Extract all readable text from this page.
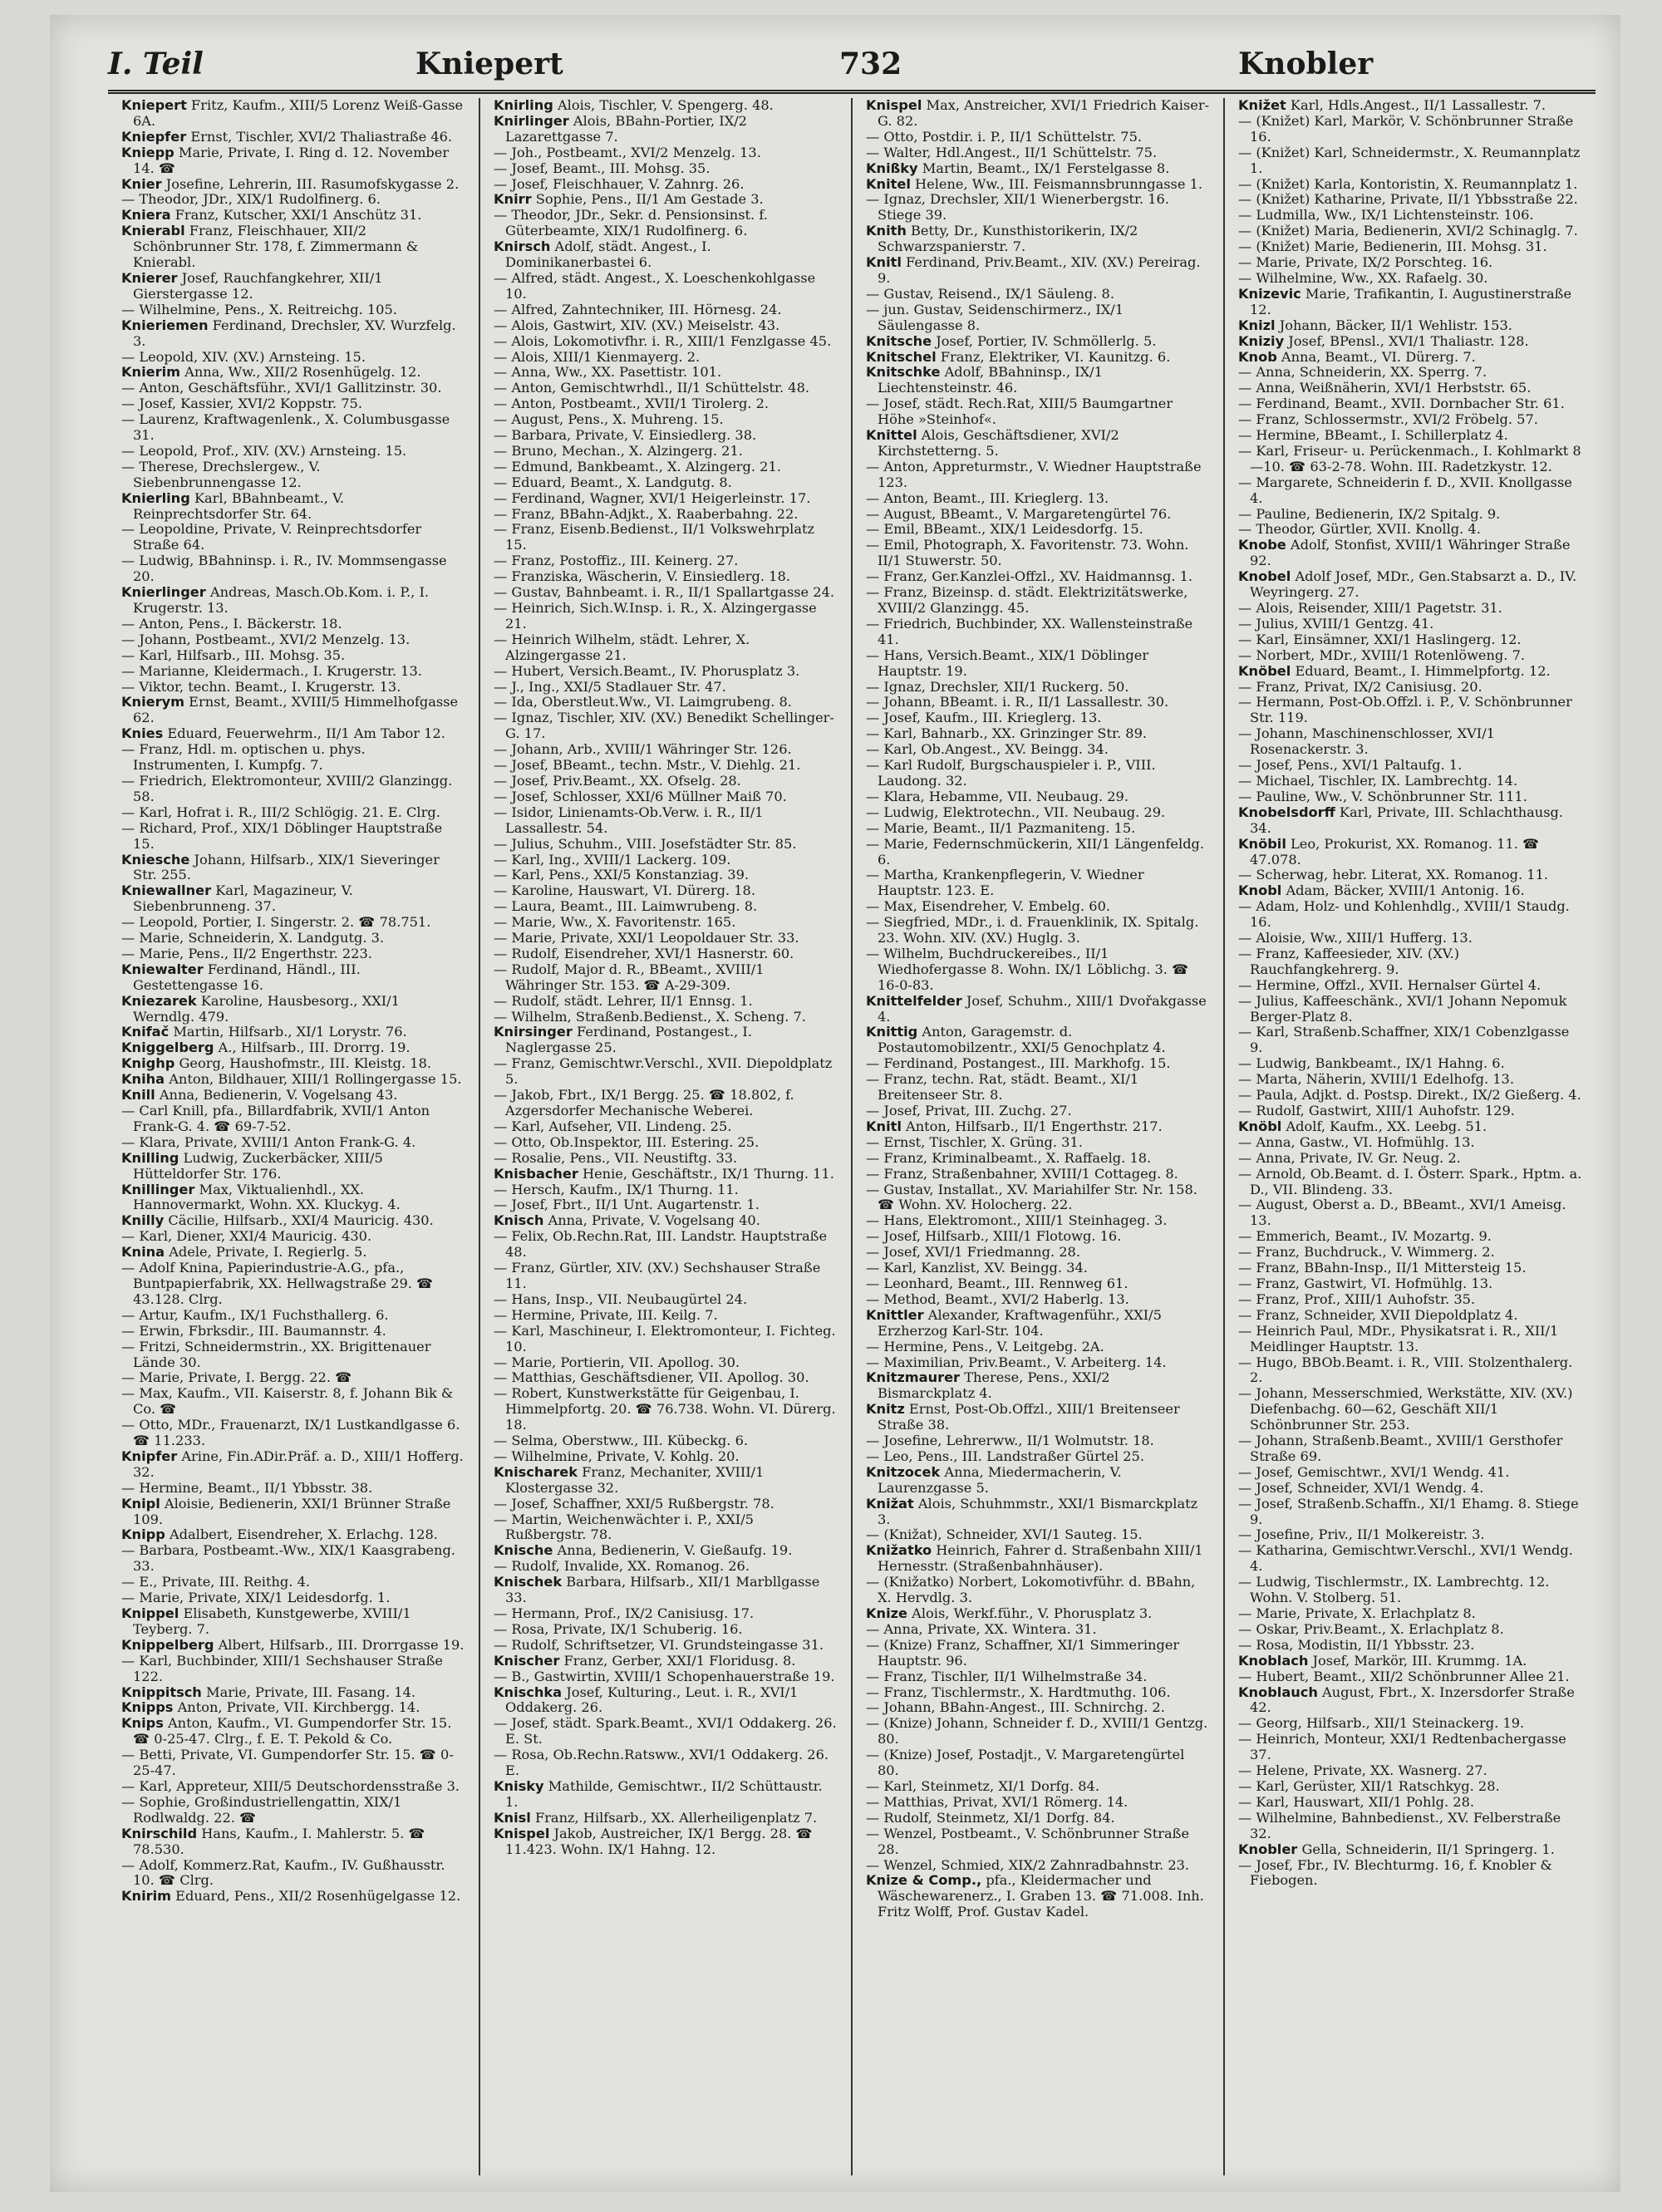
I. Teil	Kniepert	732	Knobler

Kniepert Fritz, Kaufm., XIII/5 Lorenz Weiß-Gasse 6A.

Kniepfer Ernst, Tischler, XVI/2 Thaliastraße 46.

Kniepp Marie, Private, I. Ring d. 12. November 14. ☎

Knier Josefine, Lehrerin, III. Rasumofskygasse 2.

— Theodor, JDr., XIX/1 Rudolfinerg. 6.

Kniera Franz, Kutscher, XXI/1 Anschütz 31.

Knierabl Franz, Fleischhauer, XII/2 Schönbrunner Str. 178, f. Zimmermann & Knierabl.

Knierer Josef, Rauchfangkehrer, XII/1 Gierstergasse 12.

— Wilhelmine, Pens., X. Reitreichg. 105.

Knieriemen Ferdinand, Drechsler, XV. Wurzfelg. 3.

— Leopold, XIV. (XV.) Arnsteing. 15.

Knierim Anna, Ww., XII/2 Rosenhügelg. 12.

— Anton, Geschäftsführ., XVI/1 Gallitzinstr. 30.

— Josef, Kassier, XVI/2 Koppstr. 75.

— Laurenz, Kraftwagenlenk., X. Columbusgasse 31.

— Leopold, Prof., XIV. (XV.) Arnsteing. 15.

— Therese, Drechslergew., V. Siebenbrunnengasse 12.

Knierling Karl, BBahnbeamt., V. Reinprechtsdorfer Str. 64.

— Leopoldine, Private, V. Reinprechtsdorfer Straße 64.

— Ludwig, BBahninsp. i. R., IV. Mommsengasse 20.

Knierlinger Andreas, Masch.Ob.Kom. i. P., I. Krugerstr. 13.

— Anton, Pens., I. Bäckerstr. 18.

— Johann, Postbeamt., XVI/2 Menzelg. 13.

— Karl, Hilfsarb., III. Mohsg. 35.

— Marianne, Kleidermach., I. Krugerstr. 13.

— Viktor, techn. Beamt., I. Krugerstr. 13.

Knierym Ernst, Beamt., XVIII/5 Himmelhofgasse 62.

Knies Eduard, Feuerwehrm., II/1 Am Tabor 12.

— Franz, Hdl. m. optischen u. phys. Instrumenten, I. Kumpfg. 7.

— Friedrich, Elektromonteur, XVIII/2 Glanzingg. 58.

— Karl, Hofrat i. R., III/2 Schlögig. 21. E. Clrg.

— Richard, Prof., XIX/1 Döblinger Hauptstraße 15.

Kniesche Johann, Hilfsarb., XIX/1 Sieveringer Str. 255.

Kniewallner Karl, Magazineur, V. Siebenbrunneng. 37.

— Leopold, Portier, I. Singerstr. 2. ☎ 78.751.

— Marie, Schneiderin, X. Landgutg. 3.

— Marie, Pens., II/2 Engerthstr. 223.

Kniewalter Ferdinand, Händl., III. Gestettengasse 16.

Kniezarek Karoline, Hausbesorg., XXI/1 Werndlg. 479.

Knifač Martin, Hilfsarb., XI/1 Lorystr. 76.

Kniggelberg A., Hilfsarb., III. Drorrg. 19.

Knighp Georg, Haushofmstr., III. Kleistg. 18.

Kniha Anton, Bildhauer, XIII/1 Rollingergasse 15.

Knill Anna, Bedienerin, V. Vogelsang 43.

— Carl Knill, pfa., Billardfabrik, XVII/1 Anton Frank-G. 4. ☎ 69-7-52.

— Klara, Private, XVIII/1 Anton Frank-G. 4.

Knilling Ludwig, Zuckerbäcker, XIII/5 Hütteldorfer Str. 176.

Knillinger Max, Viktualienhdl., XX. Hannovermarkt, Wohn. XX. Kluckyg. 4.

Knilly Cäcilie, Hilfsarb., XXI/4 Mauricig. 430.

— Karl, Diener, XXI/4 Mauricig. 430.

Knina Adele, Private, I. Regierlg. 5.

— Adolf Knina, Papierindustrie-A.G., pfa., Buntpapierfabrik, XX. Hellwagstraße 29. ☎ 43.128. Clrg.

— Artur, Kaufm., IX/1 Fuchsthallerg. 6.

— Erwin, Fbrksdir., III. Baumannstr. 4.

— Fritzi, Schneidermstrin., XX. Brigittenauer Lände 30.

— Marie, Private, I. Bergg. 22. ☎

— Max, Kaufm., VII. Kaiserstr. 8, f. Johann Bik & Co. ☎

— Otto, MDr., Frauenarzt, IX/1 Lustkandlgasse 6. ☎ 11.233.

Knipfer Arine, Fin.ADir.Präf. a. D., XIII/1 Hofferg. 32.

— Hermine, Beamt., II/1 Ybbsstr. 38.

Knipl Aloisie, Bedienerin, XXI/1 Brünner Straße 109.

Knipp Adalbert, Eisendreher, X. Erlachg. 128.

— Barbara, Postbeamt.-Ww., XIX/1 Kaasgrabeng. 33.

— E., Private, III. Reithg. 4.

— Marie, Private, XIX/1 Leidesdorfg. 1.

Knippel Elisabeth, Kunstgewerbe, XVIII/1 Teyberg. 7.

Knippelberg Albert, Hilfsarb., III. Drorrgasse 19.

— Karl, Buchbinder, XIII/1 Sechshauser Straße 122.

Knippitsch Marie, Private, III. Fasang. 14.

Knipps Anton, Private, VII. Kirchbergg. 14.

Knips Anton, Kaufm., VI. Gumpendorfer Str. 15. ☎ 0-25-47. Clrg., f. E. T. Pekold & Co.

— Betti, Private, VI. Gumpendorfer Str. 15. ☎ 0-25-47.

— Karl, Appreteur, XIII/5 Deutschordensstraße 3.

— Sophie, Großindustriellengattin, XIX/1 Rodlwaldg. 22. ☎

Knirschild Hans, Kaufm., I. Mahlerstr. 5. ☎ 78.530.

— Adolf, Kommerz.Rat, Kaufm., IV. Gußhausstr. 10. ☎ Clrg.

Knirim Eduard, Pens., XII/2 Rosenhügelgasse 12.

Knirling Alois, Tischler, V. Spengerg. 48.

Knirlinger Alois, BBahn-Portier, IX/2 Lazarettgasse 7.

— Joh., Postbeamt., XVI/2 Menzelg. 13.

— Josef, Beamt., III. Mohsg. 35.

— Josef, Fleischhauer, V. Zahnrg. 26.

Knirr Sophie, Pens., II/1 Am Gestade 3.

— Theodor, JDr., Sekr. d. Pensionsinst. f. Güterbeamte, XIX/1 Rudolfinerg. 6.

Knirsch Adolf, städt. Angest., I. Dominikanerbastei 6.

— Alfred, städt. Angest., X. Loeschenkohlgasse 10.

— Alfred, Zahntechniker, III. Hörnesg. 24.

— Alois, Gastwirt, XIV. (XV.) Meiselstr. 43.

— Alois, Lokomotivfhr. i. R., XIII/1 Fenzlgasse 45.

— Alois, XIII/1 Kienmayerg. 2.

— Anna, Ww., XX. Pasettistr. 101.

— Anton, Gemischtwrhdl., II/1 Schüttelstr. 48.

— Anton, Postbeamt., XVII/1 Tirolerg. 2.

— August, Pens., X. Muhreng. 15.

— Barbara, Private, V. Einsiedlerg. 38.

— Bruno, Mechan., X. Alzingerg. 21.

— Edmund, Bankbeamt., X. Alzingerg. 21.

— Eduard, Beamt., X. Landgutg. 8.

— Ferdinand, Wagner, XVI/1 Heigerleinstr. 17.

— Franz, BBahn-Adjkt., X. Raaberbahng. 22.

— Franz, Eisenb.Bedienst., II/1 Volkswehrplatz 15.

— Franz, Postoffiz., III. Keinerg. 27.

— Franziska, Wäscherin, V. Einsiedlerg. 18.

— Gustav, Bahnbeamt. i. R., II/1 Spallartgasse 24.

— Heinrich, Sich.W.Insp. i. R., X. Alzingergasse 21.

— Heinrich Wilhelm, städt. Lehrer, X. Alzingergasse 21.

— Hubert, Versich.Beamt., IV. Phorusplatz 3.

— J., Ing., XXI/5 Stadlauer Str. 47.

— Ida, Oberstleut.Ww., VI. Laimgrubeng. 8.

— Ignaz, Tischler, XIV. (XV.) Benedikt Schellinger-G. 17.

— Johann, Arb., XVIII/1 Währinger Str. 126.

— Josef, BBeamt., techn. Mstr., V. Diehlg. 21.

— Josef, Priv.Beamt., XX. Ofselg. 28.

— Josef, Schlosser, XXI/6 Müllner Maiß 70.

— Isidor, Linienamts-Ob.Verw. i. R., II/1 Lassallestr. 54.

— Julius, Schuhm., VIII. Josefstädter Str. 85.

— Karl, Ing., XVIII/1 Lackerg. 109.

— Karl, Pens., XXI/5 Konstanziag. 39.

— Karoline, Hauswart, VI. Dürerg. 18.

— Laura, Beamt., III. Laimwrubeng. 8.

— Marie, Ww., X. Favoritenstr. 165.

— Marie, Private, XXI/1 Leopoldauer Str. 33.

— Rudolf, Eisendreher, XVI/1 Hasnerstr. 60.

— Rudolf, Major d. R., BBeamt., XVIII/1 Währinger Str. 153. ☎ A-29-309.

— Rudolf, städt. Lehrer, II/1 Ennsg. 1.

— Wilhelm, Straßenb.Bedienst., X. Scheng. 7.

Knirsinger Ferdinand, Postangest., I. Naglergasse 25.

— Franz, Gemischtwr.Verschl., XVII. Diepoldplatz 5.

— Jakob, Fbrt., IX/1 Bergg. 25. ☎ 18.802, f. Azgersdorfer Mechanische Weberei.

— Karl, Aufseher, VII. Lindeng. 25.

— Otto, Ob.Inspektor, III. Estering. 25.

— Rosalie, Pens., VII. Neustiftg. 33.

Knisbacher Henie, Geschäftstr., IX/1 Thurng. 11.

— Hersch, Kaufm., IX/1 Thurng. 11.

— Josef, Fbrt., II/1 Unt. Augartenstr. 1.

Knisch Anna, Private, V. Vogelsang 40.

— Felix, Ob.Rechn.Rat, III. Landstr. Hauptstraße 48.

— Franz, Gürtler, XIV. (XV.) Sechshauser Straße 11.

— Hans, Insp., VII. Neubaugürtel 24.

— Hermine, Private, III. Keilg. 7.

— Karl, Maschineur, I. Elektromonteur, I. Fichteg. 10.

— Marie, Portierin, VII. Apollog. 30.

— Matthias, Geschäftsdiener, VII. Apollog. 30.

— Robert, Kunstwerkstätte für Geigenbau, I. Himmelpfortg. 20. ☎ 76.738. Wohn. VI. Dürerg. 18.

— Selma, Oberstww., III. Kübeckg. 6.

— Wilhelmine, Private, V. Kohlg. 20.

Knischarek Franz, Mechaniter, XVIII/1 Klostergasse 32.

— Josef, Schaffner, XXI/5 Rußbergstr. 78.

— Martin, Weichenwächter i. P., XXI/5 Rußbergstr. 78.

Knische Anna, Bedienerin, V. Gießaufg. 19.

— Rudolf, Invalide, XX. Romanog. 26.

Knischek Barbara, Hilfsarb., XII/1 Marbllgasse 33.

— Hermann, Prof., IX/2 Canisiusg. 17.

— Rosa, Private, IX/1 Schuberig. 16.

— Rudolf, Schriftsetzer, VI. Grundsteingasse 31.

Knischer Franz, Gerber, XXI/1 Floridusg. 8.

— B., Gastwirtin, XVIII/1 Schopenhauerstraße 19.

Knischka Josef, Kulturing., Leut. i. R., XVI/1 Oddakerg. 26.

— Josef, städt. Spark.Beamt., XVI/1 Oddakerg. 26. E. St.

— Rosa, Ob.Rechn.Ratsww., XVI/1 Oddakerg. 26. E.

Knisky Mathilde, Gemischtwr., II/2 Schüttaustr. 1.

Knisl Franz, Hilfsarb., XX. Allerheiligenplatz 7.

Knispel Jakob, Austreicher, IX/1 Bergg. 28. ☎ 11.423. Wohn. IX/1 Hahng. 12.

Knispel Max, Anstreicher, XVI/1 Friedrich Kaiser-G. 82.

— Otto, Postdir. i. P., II/1 Schüttelstr. 75.

— Walter, Hdl.Angest., II/1 Schüttelstr. 75.

Knißky Martin, Beamt., IX/1 Ferstelgasse 8.

Knitel Helene, Ww., III. Feismannsbrunngasse 1.

— Ignaz, Drechsler, XII/1 Wienerbergstr. 16. Stiege 39.

Knith Betty, Dr., Kunsthistorikerin, IX/2 Schwarzspanierstr. 7.

Knitl Ferdinand, Priv.Beamt., XIV. (XV.) Pereirag. 9.

— Gustav, Reisend., IX/1 Säuleng. 8.

— jun. Gustav, Seidenschirmerz., IX/1 Säulengasse 8.

Knitsche Josef, Portier, IV. Schmöllerlg. 5.

Knitschel Franz, Elektriker, VI. Kaunitzg. 6.

Knitschke Adolf, BBahninsp., IX/1 Liechtensteinstr. 46.

— Josef, städt. Rech.Rat, XIII/5 Baumgartner Höhe »Steinhof«.

Knittel Alois, Geschäftsdiener, XVI/2 Kirchstetterng. 5.

— Anton, Appreturmstr., V. Wiedner Hauptstraße 123.

— Anton, Beamt., III. Krieglerg. 13.

— August, BBeamt., V. Margaretengürtel 76.

— Emil, BBeamt., XIX/1 Leidesdorfg. 15.

— Emil, Photograph, X. Favoritenstr. 73. Wohn. II/1 Stuwerstr. 50.

— Franz, Ger.Kanzlei-Offzl., XV. Haidmannsg. 1.

— Franz, Bizeinsp. d. städt. Elektrizitätswerke, XVIII/2 Glanzingg. 45.

— Friedrich, Buchbinder, XX. Wallensteinstraße 41.

— Hans, Versich.Beamt., XIX/1 Döblinger Hauptstr. 19.

— Ignaz, Drechsler, XII/1 Ruckerg. 50.

— Johann, BBeamt. i. R., II/1 Lassallestr. 30.

— Josef, Kaufm., III. Krieglerg. 13.

— Karl, Bahnarb., XX. Grinzinger Str. 89.

— Karl, Ob.Angest., XV. Beingg. 34.

— Karl Rudolf, Burgschauspieler i. P., VIII. Laudong. 32.

— Klara, Hebamme, VII. Neubaug. 29.

— Ludwig, Elektrotechn., VII. Neubaug. 29.

— Marie, Beamt., II/1 Pazmaniteng. 15.

— Marie, Federnschmückerin, XII/1 Längenfeldg. 6.

— Martha, Krankenpflegerin, V. Wiedner Hauptstr. 123. E.

— Max, Eisendreher, V. Embelg. 60.

— Siegfried, MDr., i. d. Frauenklinik, IX. Spitalg. 23. Wohn. XIV. (XV.) Huglg. 3.

— Wilhelm, Buchdruckereibes., II/1 Wiedhofergasse 8. Wohn. IX/1 Löblichg. 3. ☎ 16-0-83.

Knittelfelder Josef, Schuhm., XIII/1 Dvořakgasse 4.

Knittig Anton, Garagemstr. d. Postautomobilzentr., XXI/5 Genochplatz 4.

— Ferdinand, Postangest., III. Markhofg. 15.

— Franz, techn. Rat, städt. Beamt., XI/1 Breitenseer Str. 8.

— Josef, Privat, III. Zuchg. 27.

Knitl Anton, Hilfsarb., II/1 Engerthstr. 217.

— Ernst, Tischler, X. Grüng. 31.

— Franz, Kriminalbeamt., X. Raffaelg. 18.

— Franz, Straßenbahner, XVIII/1 Cottageg. 8.

— Gustav, Installat., XV. Mariahilfer Str. Nr. 158. ☎ Wohn. XV. Holocherg. 22.

— Hans, Elektromont., XIII/1 Steinhageg. 3.

— Josef, Hilfsarb., XIII/1 Flotowg. 16.

— Josef, XVI/1 Friedmanng. 28.

— Karl, Kanzlist, XV. Beingg. 34.

— Leonhard, Beamt., III. Rennweg 61.

— Method, Beamt., XVI/2 Haberlg. 13.

Knittler Alexander, Kraftwagenführ., XXI/5 Erzherzog Karl-Str. 104.

— Hermine, Pens., V. Leitgebg. 2A.

— Maximilian, Priv.Beamt., V. Arbeiterg. 14.

Knitzmaurer Therese, Pens., XXI/2 Bismarckplatz 4.

Knitz Ernst, Post-Ob.Offzl., XIII/1 Breitenseer Straße 38.

— Josefine, Lehrerww., II/1 Wolmutstr. 18.

— Leo, Pens., III. Landstraßer Gürtel 25.

Knitzocek Anna, Miedermacherin, V. Laurenzgasse 5.

Knižat Alois, Schuhmmstr., XXI/1 Bismarckplatz 3.

— (Knižat), Schneider, XVI/1 Sauteg. 15.

Knižatko Heinrich, Fahrer d. Straßenbahn XIII/1 Hernesstr. (Straßenbahnhäuser).

— (Knižatko) Norbert, Lokomotivführ. d. BBahn, X. Hervdlg. 3.

Knize Alois, Werkf.führ., V. Phorusplatz 3.

— Anna, Private, XX. Wintera. 31.

— (Knize) Franz, Schaffner, XI/1 Simmeringer Hauptstr. 96.

— Franz, Tischler, II/1 Wilhelmstraße 34.

— Franz, Tischlermstr., X. Hardtmuthg. 106.

— Johann, BBahn-Angest., III. Schnirchg. 2.

— (Knize) Johann, Schneider f. D., XVIII/1 Gentzg. 80.

— (Knize) Josef, Postadjt., V. Margaretengürtel 80.

— Karl, Steinmetz, XI/1 Dorfg. 84.

— Matthias, Privat, XVI/1 Römerg. 14.

— Rudolf, Steinmetz, XI/1 Dorfg. 84.

— Wenzel, Postbeamt., V. Schönbrunner Straße 28.

— Wenzel, Schmied, XIX/2 Zahnradbahnstr. 23.

Knize & Comp., pfa., Kleidermacher und Wäschewarenerz., I. Graben 13. ☎ 71.008. Inh. Fritz Wolff, Prof. Gustav Kadel.

Knižet Karl, Hdls.Angest., II/1 Lassallestr. 7.

— (Knižet) Karl, Markör, V. Schönbrunner Straße 16.

— (Knižet) Karl, Schneidermstr., X. Reumannplatz 1.

— (Knižet) Karla, Kontoristin, X. Reumannplatz 1.

— (Knižet) Katharine, Private, II/1 Ybbsstraße 22.

— Ludmilla, Ww., IX/1 Lichtensteinstr. 106.

— (Knižet) Maria, Bedienerin, XVI/2 Schinaglg. 7.

— (Knižet) Marie, Bedienerin, III. Mohsg. 31.

— Marie, Private, IX/2 Porschteg. 16.

— Wilhelmine, Ww., XX. Rafaelg. 30.

Knizevic Marie, Trafikantin, I. Augustinerstraße 12.

Knizl Johann, Bäcker, II/1 Wehlistr. 153.

Kniziy Josef, BPensl., XVI/1 Thaliastr. 128.

Knob Anna, Beamt., VI. Dürerg. 7.

— Anna, Schneiderin, XX. Sperrg. 7.

— Anna, Weißnäherin, XVI/1 Herbststr. 65.

— Ferdinand, Beamt., XVII. Dornbacher Str. 61.

— Franz, Schlossermstr., XVI/2 Fröbelg. 57.

— Hermine, BBeamt., I. Schillerplatz 4.

— Karl, Friseur- u. Perückenmach., I. Kohlmarkt 8—10. ☎ 63-2-78. Wohn. III. Radetzkystr. 12.

— Margarete, Schneiderin f. D., XVII. Knollgasse 4.

— Pauline, Bedienerin, IX/2 Spitalg. 9.

— Theodor, Gürtler, XVII. Knollg. 4.

Knobe Adolf, Stonfist, XVIII/1 Währinger Straße 92.

Knobel Adolf Josef, MDr., Gen.Stabsarzt a. D., IV. Weyringerg. 27.

— Alois, Reisender, XIII/1 Pagetstr. 31.

— Julius, XVIII/1 Gentzg. 41.

— Karl, Einsämner, XXI/1 Haslingerg. 12.

— Norbert, MDr., XVIII/1 Rotenlöweng. 7.

Knöbel Eduard, Beamt., I. Himmelpfortg. 12.

— Franz, Privat, IX/2 Canisiusg. 20.

— Hermann, Post-Ob.Offzl. i. P., V. Schönbrunner Str. 119.

— Johann, Maschinenschlosser, XVI/1 Rosenackerstr. 3.

— Josef, Pens., XVI/1 Paltaufg. 1.

— Michael, Tischler, IX. Lambrechtg. 14.

— Pauline, Ww., V. Schönbrunner Str. 111.

Knobelsdorff Karl, Private, III. Schlachthausg. 34.

Knöbil Leo, Prokurist, XX. Romanog. 11. ☎ 47.078.

— Scherwag, hebr. Literat, XX. Romanog. 11.

Knobl Adam, Bäcker, XVIII/1 Antonig. 16.

— Adam, Holz- und Kohlenhdlg., XVIII/1 Staudg. 16.

— Aloisie, Ww., XIII/1 Hufferg. 13.

— Franz, Kaffeesieder, XIV. (XV.) Rauchfangkehrerg. 9.

— Hermine, Offzl., XVII. Hernalser Gürtel 4.

— Julius, Kaffeeschänk., XVI/1 Johann Nepomuk Berger-Platz 8.

— Karl, Straßenb.Schaffner, XIX/1 Cobenzlgasse 9.

— Ludwig, Bankbeamt., IX/1 Hahng. 6.

— Marta, Näherin, XVIII/1 Edelhofg. 13.

— Paula, Adjkt. d. Postsp. Direkt., IX/2 Gießerg. 4.

— Rudolf, Gastwirt, XIII/1 Auhofstr. 129.

Knöbl Adolf, Kaufm., XX. Leebg. 51.

— Anna, Gastw., VI. Hofmühlg. 13.

— Anna, Private, IV. Gr. Neug. 2.

— Arnold, Ob.Beamt. d. I. Österr. Spark., Hptm. a. D., VII. Blindeng. 33.

— August, Oberst a. D., BBeamt., XVI/1 Ameisg. 13.

— Emmerich, Beamt., IV. Mozartg. 9.

— Franz, Buchdruck., V. Wimmerg. 2.

— Franz, BBahn-Insp., II/1 Mittersteig 15.

— Franz, Gastwirt, VI. Hofmühlg. 13.

— Franz, Prof., XIII/1 Auhofstr. 35.

— Franz, Schneider, XVII Diepoldplatz 4.

— Heinrich Paul, MDr., Physikatsrat i. R., XII/1 Meidlinger Hauptstr. 13.

— Hugo, BBOb.Beamt. i. R., VIII. Stolzenthalerg. 2.

— Johann, Messerschmied, Werkstätte, XIV. (XV.) Diefenbachg. 60—62, Geschäft XII/1 Schönbrunner Str. 253.

— Johann, Straßenb.Beamt., XVIII/1 Gersthofer Straße 69.

— Josef, Gemischtwr., XVI/1 Wendg. 41.

— Josef, Schneider, XVI/1 Wendg. 4.

— Josef, Straßenb.Schaffn., XI/1 Ehamg. 8. Stiege 9.

— Josefine, Priv., II/1 Molkereistr. 3.

— Katharina, Gemischtwr.Verschl., XVI/1 Wendg. 4.

— Ludwig, Tischlermstr., IX. Lambrechtg. 12. Wohn. V. Stolberg. 51.

— Marie, Private, X. Erlachplatz 8.

— Oskar, Priv.Beamt., X. Erlachplatz 8.

— Rosa, Modistin, II/1 Ybbsstr. 23.

Knoblach Josef, Markör, III. Krummg. 1A.

— Hubert, Beamt., XII/2 Schönbrunner Allee 21.

Knoblauch August, Fbrt., X. Inzersdorfer Straße 42.

— Georg, Hilfsarb., XII/1 Steinackerg. 19.

— Heinrich, Monteur, XXI/1 Redtenbachergasse 37.

— Helene, Private, XX. Wasnerg. 27.

— Karl, Gerüster, XII/1 Ratschkyg. 28.

— Karl, Hauswart, XII/1 Pohlg. 28.

— Wilhelmine, Bahnbedienst., XV. Felberstraße 32.

Knobler Gella, Schneiderin, II/1 Springerg. 1.

— Josef, Fbr., IV. Blechturmg. 16, f. Knobler & Fiebogen.
